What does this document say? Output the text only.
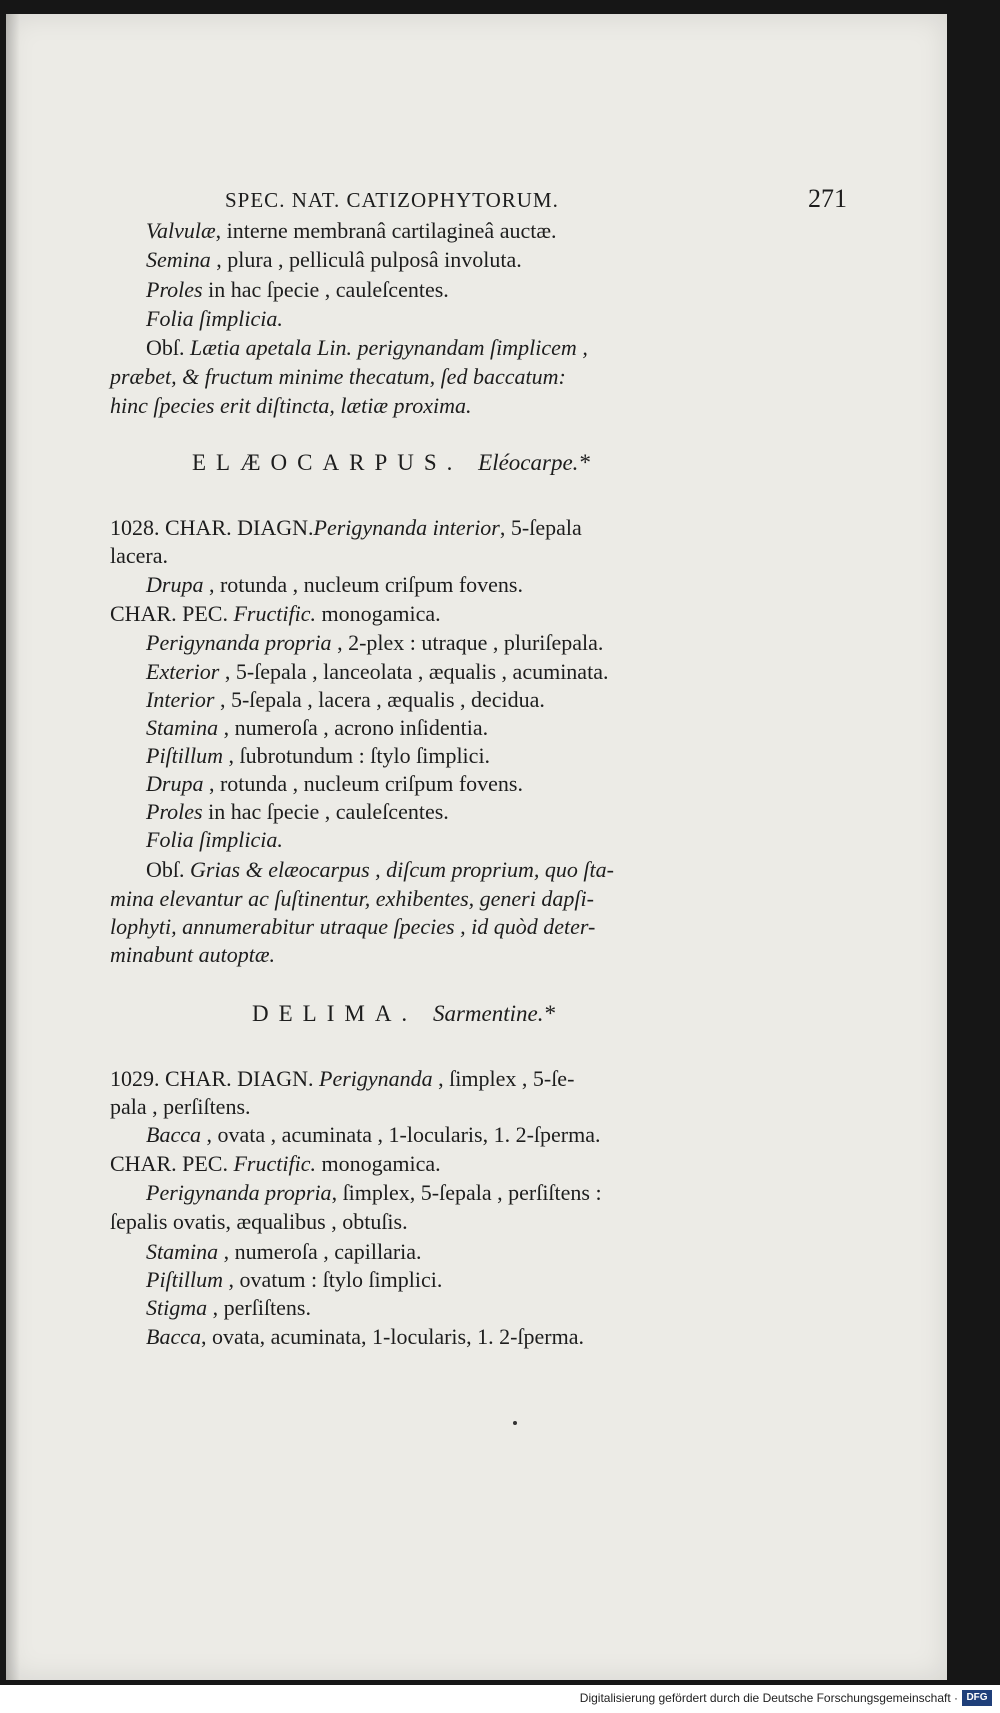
SPEC. NAT. CATIZOPHYTORUM.	271
Valvulæ, interne membranâ cartilagineâ auctæ.
Semina , plura , pelliculâ pulposâ involuta.
Proles in hac ſpecie , cauleſcentes.
Folia ſimplicia.
Obſ. Lætia apetala Lin. perigynandam ſimplicem ,
præbet, & fructum minime thecatum, ſed baccatum:
hinc ſpecies erit diſtincta, lætiæ proxima.
ELÆOCARPUS. Eléocarpe.*
1028. CHAR. DIAGN.Perigynanda interior, 5-ſepala
lacera.
Drupa , rotunda , nucleum criſpum fovens.
CHAR. PEC. Fructific. monogamica.
Perigynanda propria , 2-plex : utraque , pluriſepala.
Exterior , 5-ſepala , lanceolata , æqualis , acuminata.
Interior , 5-ſepala , lacera , æqualis , decidua.
Stamina , numeroſa , acrono inſidentia.
Piſtillum , ſubrotundum : ſtylo ſimplici.
Drupa , rotunda , nucleum criſpum fovens.
Proles in hac ſpecie , cauleſcentes.
Folia ſimplicia.
Obſ. Grias & elæocarpus , diſcum proprium, quo ſta-
mina elevantur ac ſuſtinentur, exhibentes, generi dapſi-
lophyti, annumerabitur utraque ſpecies , id quòd deter-
minabunt autoptæ.
DELIMA. Sarmentine.*
1029. CHAR. DIAGN. Perigynanda , ſimplex , 5-ſe-
pala , perſiſtens.
Bacca , ovata , acuminata , 1-locularis, 1. 2-ſperma.
CHAR. PEC. Fructific. monogamica.
Perigynanda propria, ſimplex, 5-ſepala , perſiſtens :
ſepalis ovatis, æqualibus , obtuſis.
Stamina , numeroſa , capillaria.
Piſtillum , ovatum : ſtylo ſimplici.
Stigma , perſiſtens.
Bacca, ovata, acuminata, 1-locularis, 1. 2-ſperma.
Digitalisierung gefördert durch die Deutsche Forschungsgemeinschaft · DFG
